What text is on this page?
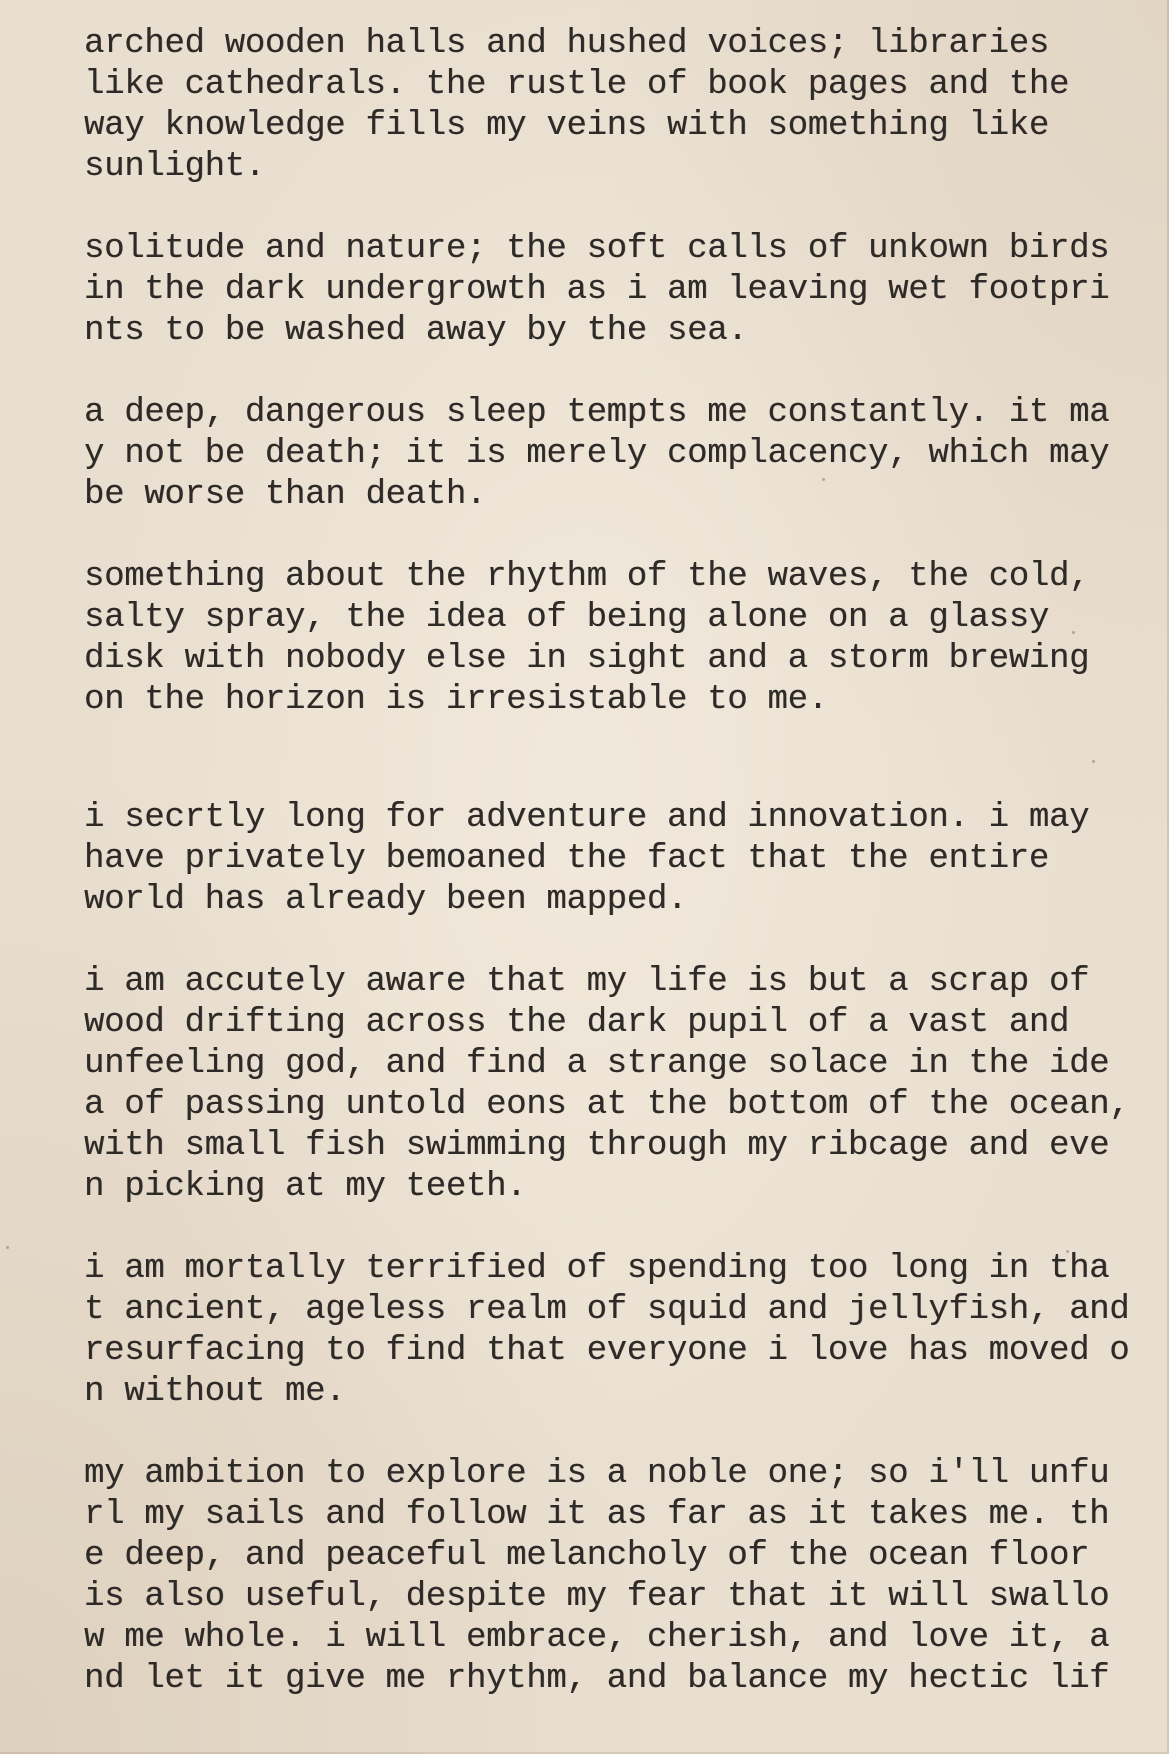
arched wooden halls and hushed voices; libraries
like cathedrals. the rustle of book pages and the
way knowledge fills my veins with something like
sunlight.
solitude and nature; the soft calls of unkown birds
in the dark undergrowth as i am leaving wet footpri
nts to be washed away by the sea.
a deep, dangerous sleep tempts me constantly. it ma
y not be death; it is merely complacency, which may
be worse than death.
something about the rhythm of the waves, the cold,
salty spray, the idea of being alone on a glassy
disk with nobody else in sight and a storm brewing
on the horizon is irresistable to me.
i secrtly long for adventure and innovation. i may
have privately bemoaned the fact that the entire
world has already been mapped.
i am accutely aware that my life is but a scrap of
wood drifting across the dark pupil of a vast and
unfeeling god, and find a strange solace in the ide
a of passing untold eons at the bottom of the ocean,
with small fish swimming through my ribcage and eve
n picking at my teeth.
i am mortally terrified of spending too long in tha
t ancient, ageless realm of squid and jellyfish, and
resurfacing to find that everyone i love has moved o
n without me.
my ambition to explore is a noble one; so i'll unfu
rl my sails and follow it as far as it takes me. th
e deep, and peaceful melancholy of the ocean floor
is also useful, despite my fear that it will swallo
w me whole. i will embrace, cherish, and love it, a
nd let it give me rhythm, and balance my hectic lif
